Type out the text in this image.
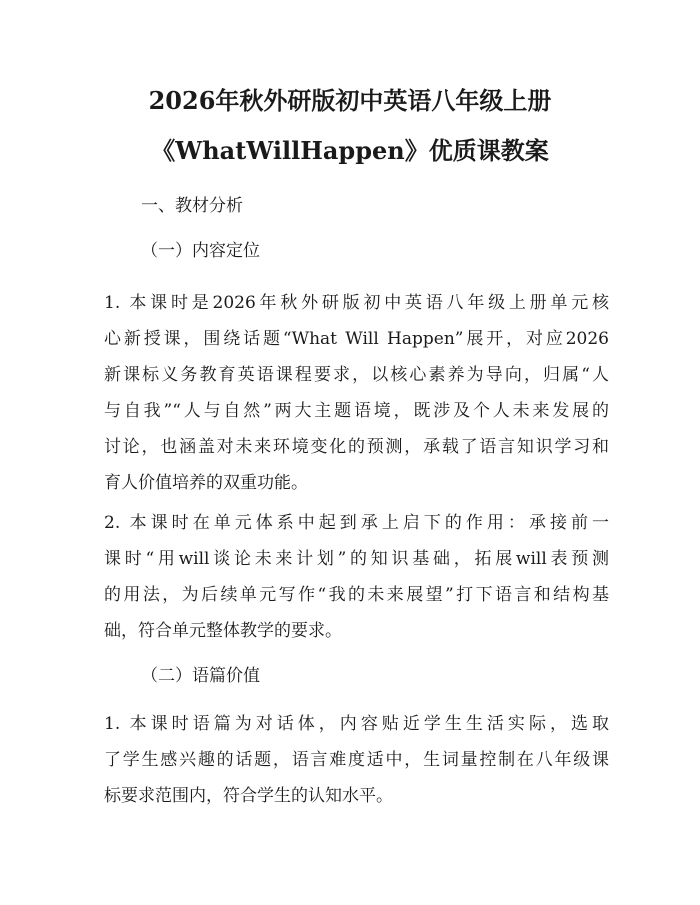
2026年秋外研版初中英语八年级上册
《WhatWillHappen》优质课教案
一、教材分析
（一）内容定位
1. 本课时是2026年秋外研版初中英语八年级上册单元核
心新授课，围绕话题“What Will Happen”展开，对应2026
新课标义务教育英语课程要求，以核心素养为导向，归属“人
与自我”“人与自然”两大主题语境，既涉及个人未来发展的
讨论，也涵盖对未来环境变化的预测，承载了语言知识学习和
育人价值培养的双重功能。
2. 本课时在单元体系中起到承上启下的作用：承接前一
课时“用will谈论未来计划”的知识基础，拓展will表预测
的用法，为后续单元写作“我的未来展望”打下语言和结构基
础，符合单元整体教学的要求。
（二）语篇价值
1. 本课时语篇为对话体，内容贴近学生生活实际，选取
了学生感兴趣的话题，语言难度适中，生词量控制在八年级课
标要求范围内，符合学生的认知水平。
